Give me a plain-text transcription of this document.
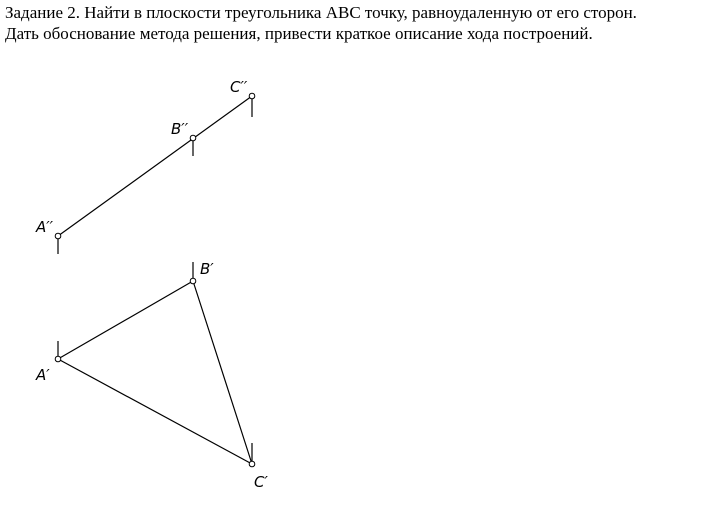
Задание 2. Найти в плоскости треугольника АВС точку, равноудаленную от его сторон.
Дать обоснование метода решения, привести краткое описание хода построений.
A′′
B′′
C′′
A′
B′
C′
